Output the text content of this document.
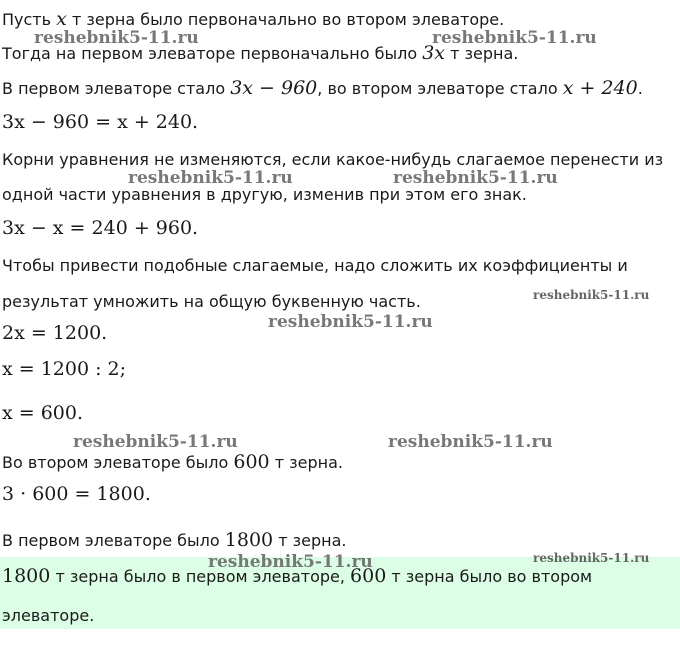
Пусть x т зерна было первоначально во втором элеваторе.
Тогда на первом элеваторе первоначально было 3x т зерна.
В первом элеваторе стало 3x − 960, во втором элеваторе стало x + 240.
3x − 960 = x + 240.
Корни уравнения не изменяются, если какое-нибудь слагаемое перенести из
одной части уравнения в другую, изменив при этом его знак.
3x − x = 240 + 960.
Чтобы привести подобные слагаемые, надо сложить их коэффициенты и
результат умножить на общую буквенную часть.
2x = 1200.
x = 1200 : 2;
x = 600.
Во втором элеваторе было 600 т зерна.
3 · 600 = 1800.
В первом элеваторе было 1800 т зерна.
1800 т зерна было в первом элеваторе, 600 т зерна было во втором
элеваторе.
reshebnik5-11.ru	reshebnik5-11.ru
reshebnik5-11.ru	reshebnik5-11.ru
reshebnik5-11.ru
reshebnik5-11.ru
reshebnik5-11.ru	reshebnik5-11.ru
reshebnik5-11.ru	reshebnik5-11.ru
